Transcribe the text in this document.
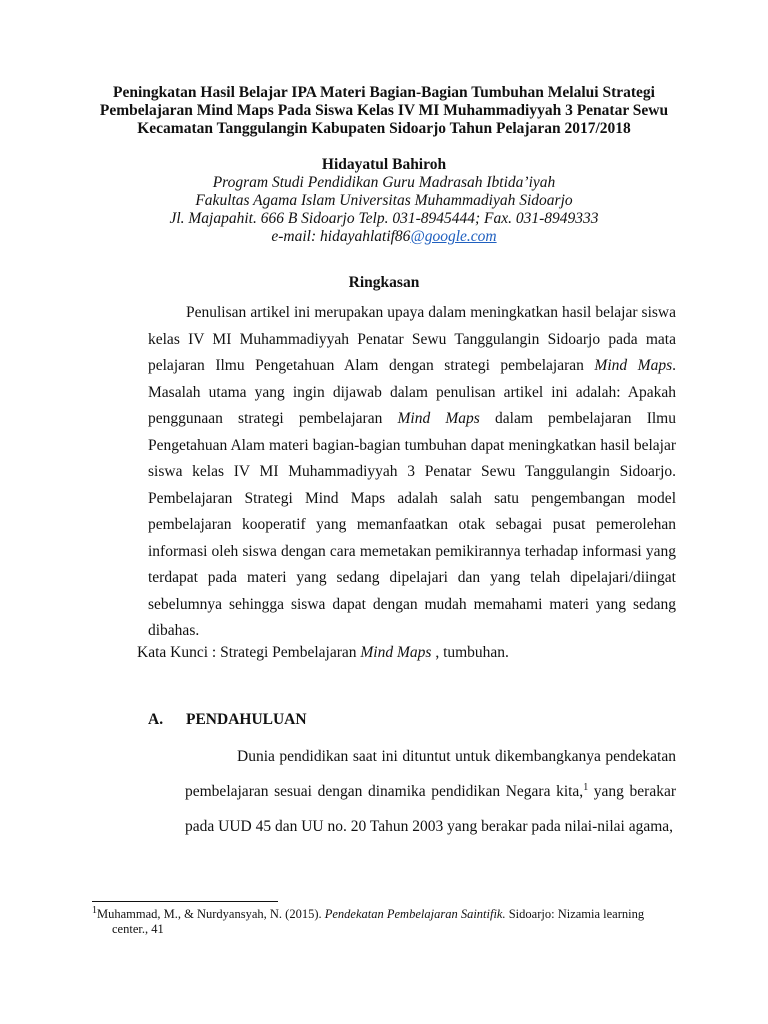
Peningkatan Hasil Belajar IPA Materi Bagian-Bagian Tumbuhan Melalui Strategi
Pembelajaran Mind Maps Pada Siswa Kelas IV MI Muhammadiyyah 3 Penatar Sewu
Kecamatan Tanggulangin Kabupaten Sidoarjo Tahun Pelajaran 2017/2018
Hidayatul Bahiroh
Program Studi Pendidikan Guru Madrasah Ibtida’iyah
Fakultas Agama Islam Universitas Muhammadiyah Sidoarjo
Jl. Majapahit. 666 B Sidoarjo Telp. 031-8945444; Fax. 031-8949333
e-mail: hidayahlatif86@google.com
Ringkasan

Penulisan artikel ini merupakan upaya dalam meningkatkan hasil belajar siswa kelas IV MI Muhammadiyyah Penatar Sewu Tanggulangin Sidoarjo pada mata pelajaran Ilmu Pengetahuan Alam dengan strategi pembelajaran Mind Maps. Masalah utama yang ingin dijawab dalam penulisan artikel ini adalah: Apakah penggunaan strategi pembelajaran Mind Maps dalam pembelajaran Ilmu Pengetahuan Alam materi bagian-bagian tumbuhan dapat meningkatkan hasil belajar siswa kelas IV MI Muhammadiyyah 3 Penatar Sewu Tanggulangin Sidoarjo. Pembelajaran Strategi Mind Maps adalah salah satu pengembangan model pembelajaran kooperatif yang memanfaatkan otak sebagai pusat pemerolehan informasi oleh siswa dengan cara memetakan pemikirannya terhadap informasi yang terdapat pada materi yang sedang dipelajari dan yang telah dipelajari/diingat sebelumnya sehingga siswa dapat dengan mudah memahami materi yang sedang dibahas.

Kata Kunci : Strategi Pembelajaran Mind Maps , tumbuhan.
A. PENDAHULUAN

Dunia pendidikan saat ini dituntut untuk dikembangkanya pendekatan pembelajaran sesuai dengan dinamika pendidikan Negara kita,$^1$ yang berakar pada UUD 45 dan UU no. 20 Tahun 2003 yang berakar pada nilai-nilai agama,

$^1$Muhammad, M., & Nurdyansyah, N. (2015). Pendekatan Pembelajaran Saintifik. Sidoarjo: Nizamia learning
center., 41
